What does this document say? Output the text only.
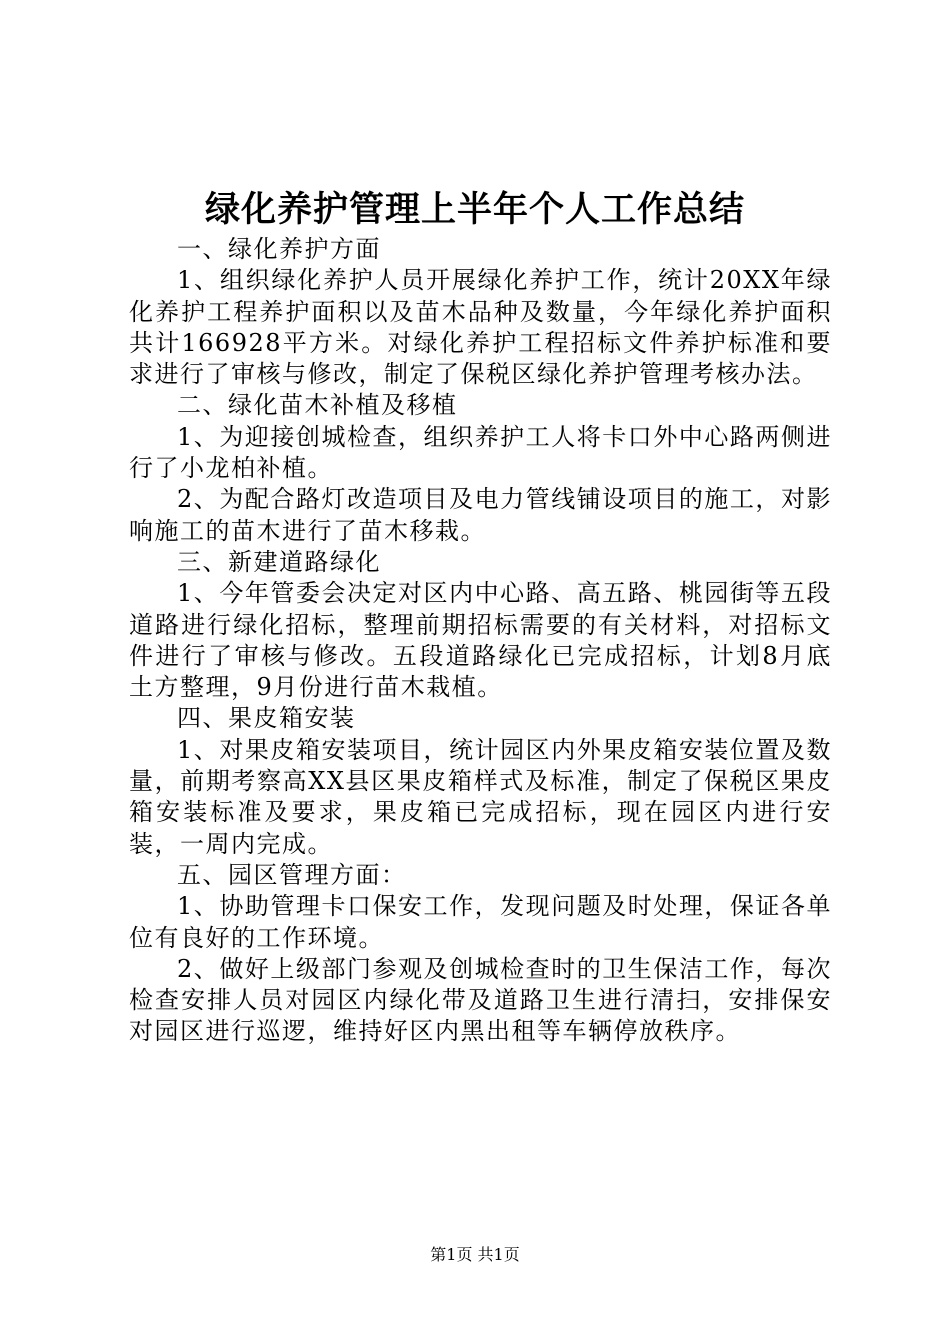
绿化养护管理上半年个人工作总结

一、绿化养护方面

1、组织绿化养护人员开展绿化养护工作，统计20XX年绿化养护工程养护面积以及苗木品种及数量，今年绿化养护面积共计166928平方米。对绿化养护工程招标文件养护标准和要求进行了审核与修改，制定了保税区绿化养护管理考核办法。

二、绿化苗木补植及移植

1、为迎接创城检查，组织养护工人将卡口外中心路两侧进行了小龙柏补植。

2、为配合路灯改造项目及电力管线铺设项目的施工，对影响施工的苗木进行了苗木移栽。

三、新建道路绿化

1、今年管委会决定对区内中心路、高五路、桃园街等五段道路进行绿化招标，整理前期招标需要的有关材料，对招标文件进行了审核与修改。五段道路绿化已完成招标，计划8月底土方整理，9月份进行苗木栽植。

四、果皮箱安装

1、对果皮箱安装项目，统计园区内外果皮箱安装位置及数量，前期考察高XX县区果皮箱样式及标准，制定了保税区果皮箱安装标准及要求，果皮箱已完成招标，现在园区内进行安装，一周内完成。

五、园区管理方面：

1、协助管理卡口保安工作，发现问题及时处理，保证各单位有良好的工作环境。

2、做好上级部门参观及创城检查时的卫生保洁工作，每次检查安排人员对园区内绿化带及道路卫生进行清扫，安排保安对园区进行巡逻，维持好区内黑出租等车辆停放秩序。

第1页 共1页
